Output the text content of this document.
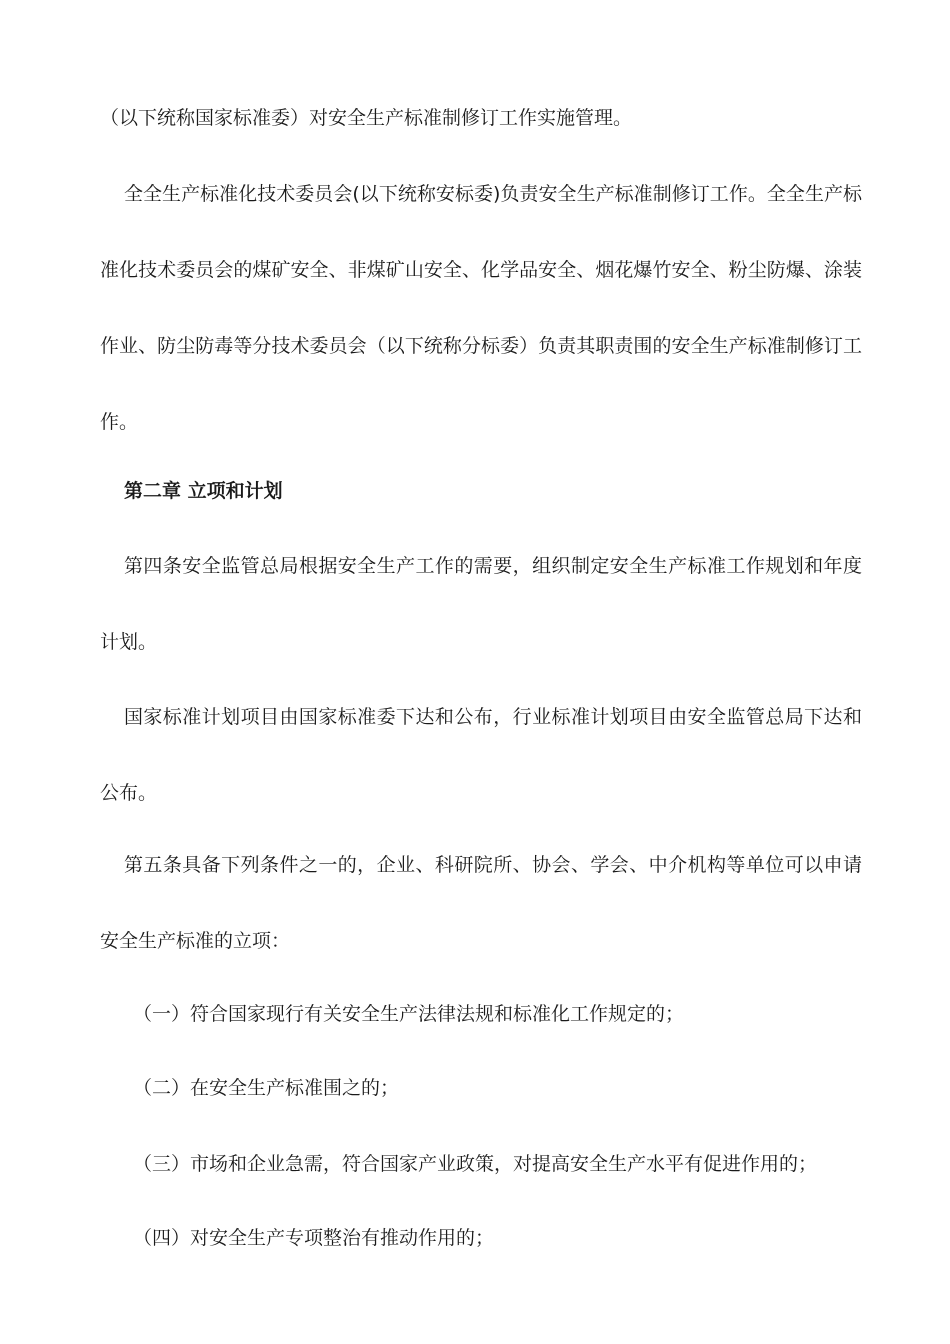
（以下统称国家标准委）对安全生产标准制修订工作实施管理。

全全生产标准化技术委员会(以下统称安标委)负责安全生产标准制修订工作。全全生产标准化技术委员会的煤矿安全、非煤矿山安全、化学品安全、烟花爆竹安全、粉尘防爆、涂装作业、防尘防毒等分技术委员会（以下统称分标委）负责其职责围的安全生产标准制修订工作。

第二章 立项和计划

第四条安全监管总局根据安全生产工作的需要，组织制定安全生产标准工作规划和年度计划。

国家标准计划项目由国家标准委下达和公布，行业标准计划项目由安全监管总局下达和公布。

第五条具备下列条件之一的，企业、科研院所、协会、学会、中介机构等单位可以申请安全生产标准的立项：

（一）符合国家现行有关安全生产法律法规和标准化工作规定的；

（二）在安全生产标准围之的；

（三）市场和企业急需，符合国家产业政策，对提高安全生产水平有促进作用的；

（四）对安全生产专项整治有推动作用的；
